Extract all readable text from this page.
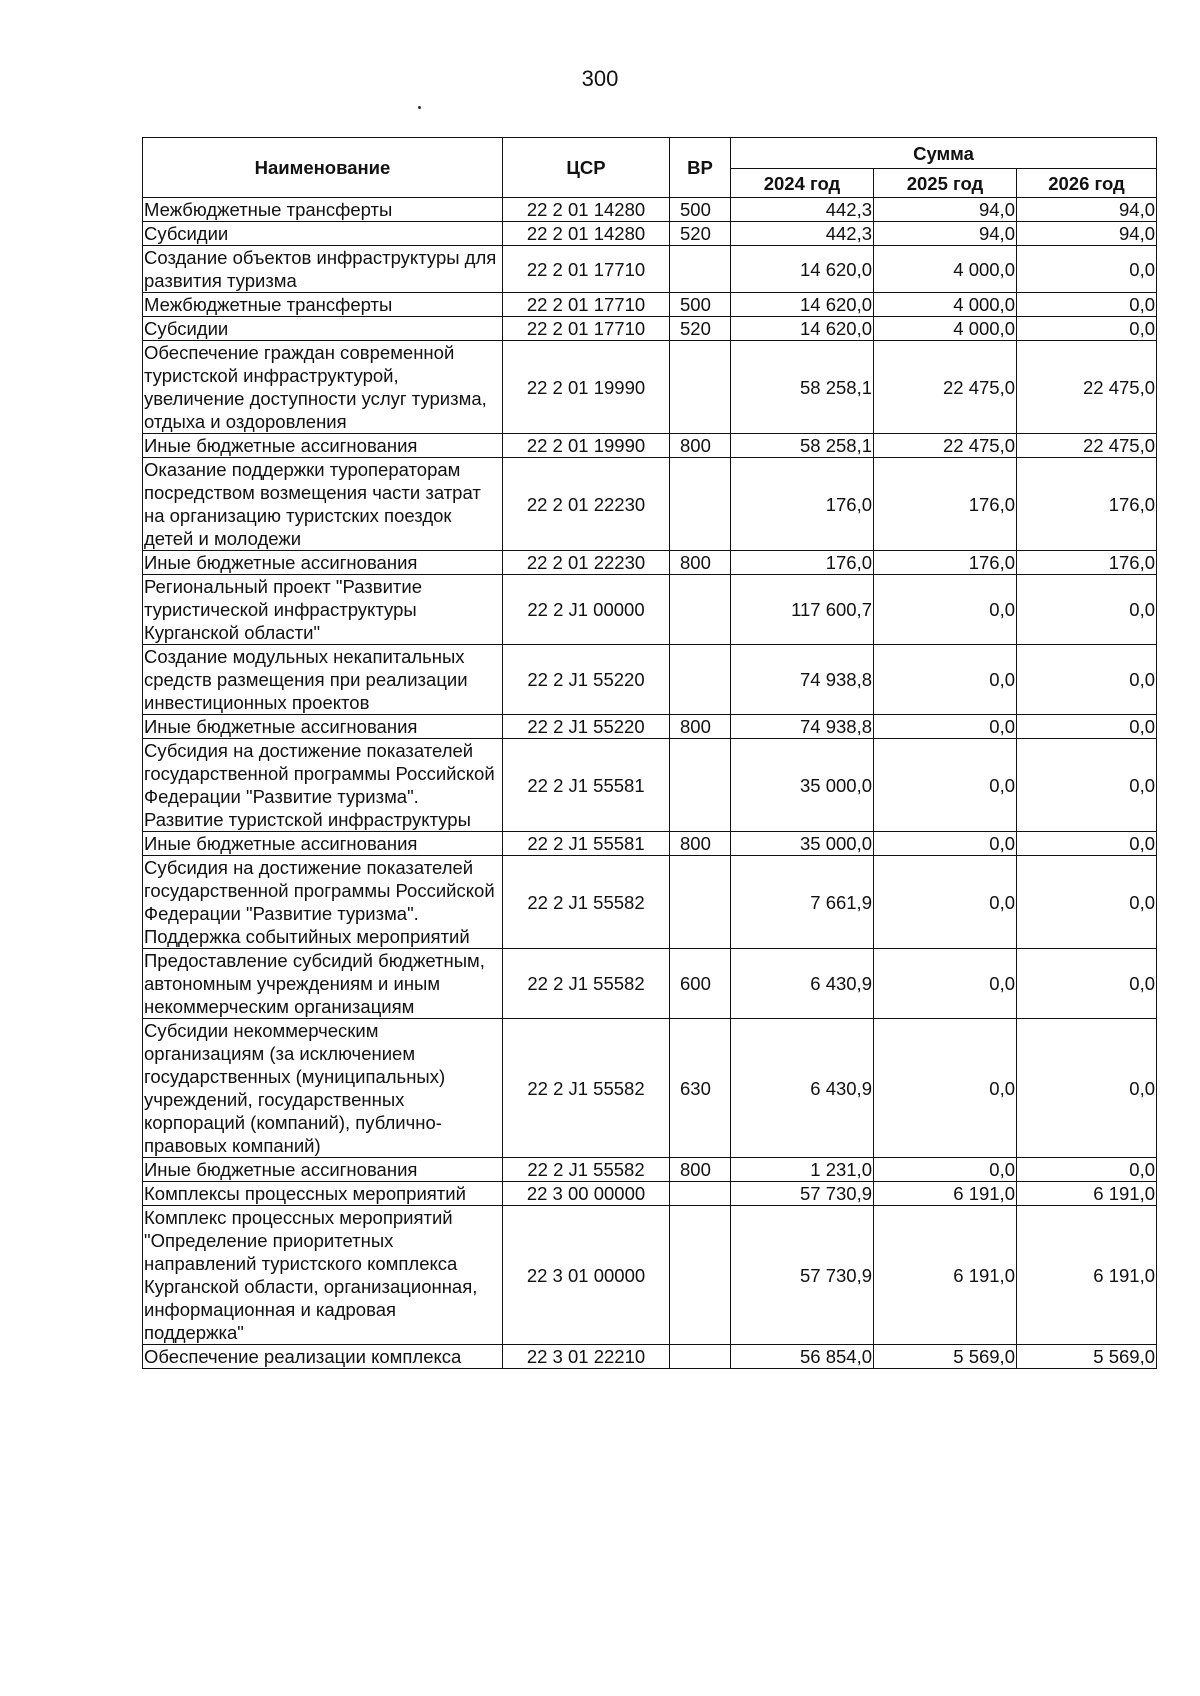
300
Наименование	ЦСР	ВР	Сумма		
			2024 год	2025 год	2026 год
Межбюджетные трансферты	22 2 01 14280	500	442,3	94,0	94,0
Субсидии	22 2 01 14280	520	442,3	94,0	94,0
Создание объектов инфраструктуры для развития туризма	22 2 01 17710		14 620,0	4 000,0	0,0
Межбюджетные трансферты	22 2 01 17710	500	14 620,0	4 000,0	0,0
Субсидии	22 2 01 17710	520	14 620,0	4 000,0	0,0
Обеспечение граждан современной туристской инфраструктурой, увеличение доступности услуг туризма, отдыха и оздоровления	22 2 01 19990		58 258,1	22 475,0	22 475,0
Иные бюджетные ассигнования	22 2 01 19990	800	58 258,1	22 475,0	22 475,0
Оказание поддержки туроператорам посредством возмещения части затрат на организацию туристских поездок детей и молодежи	22 2 01 22230		176,0	176,0	176,0
Иные бюджетные ассигнования	22 2 01 22230	800	176,0	176,0	176,0
Региональный проект "Развитие туристической инфраструктуры Курганской области"	22 2 J1 00000		117 600,7	0,0	0,0
Создание модульных некапитальных средств размещения при реализации инвестиционных проектов	22 2 J1 55220		74 938,8	0,0	0,0
Иные бюджетные ассигнования	22 2 J1 55220	800	74 938,8	0,0	0,0
Субсидия на достижение показателей государственной программы Российской Федерации "Развитие туризма". Развитие туристской инфраструктуры	22 2 J1 55581		35 000,0	0,0	0,0
Иные бюджетные ассигнования	22 2 J1 55581	800	35 000,0	0,0	0,0
Субсидия на достижение показателей государственной программы Российской Федерации "Развитие туризма". Поддержка событийных мероприятий	22 2 J1 55582		7 661,9	0,0	0,0
Предоставление субсидий бюджетным, автономным учреждениям и иным некоммерческим организациям	22 2 J1 55582	600	6 430,9	0,0	0,0
Субсидии некоммерческим организациям (за исключением государственных (муниципальных) учреждений, государственных корпораций (компаний), публично-правовых компаний)	22 2 J1 55582	630	6 430,9	0,0	0,0
Иные бюджетные ассигнования	22 2 J1 55582	800	1 231,0	0,0	0,0
Комплексы процессных мероприятий	22 3 00 00000		57 730,9	6 191,0	6 191,0
Комплекс процессных мероприятий "Определение приоритетных направлений туристского комплекса Курганской области, организационная, информационная и кадровая поддержка"	22 3 01 00000		57 730,9	6 191,0	6 191,0
Обеспечение реализации комплекса	22 3 01 22210		56 854,0	5 569,0	5 569,0
